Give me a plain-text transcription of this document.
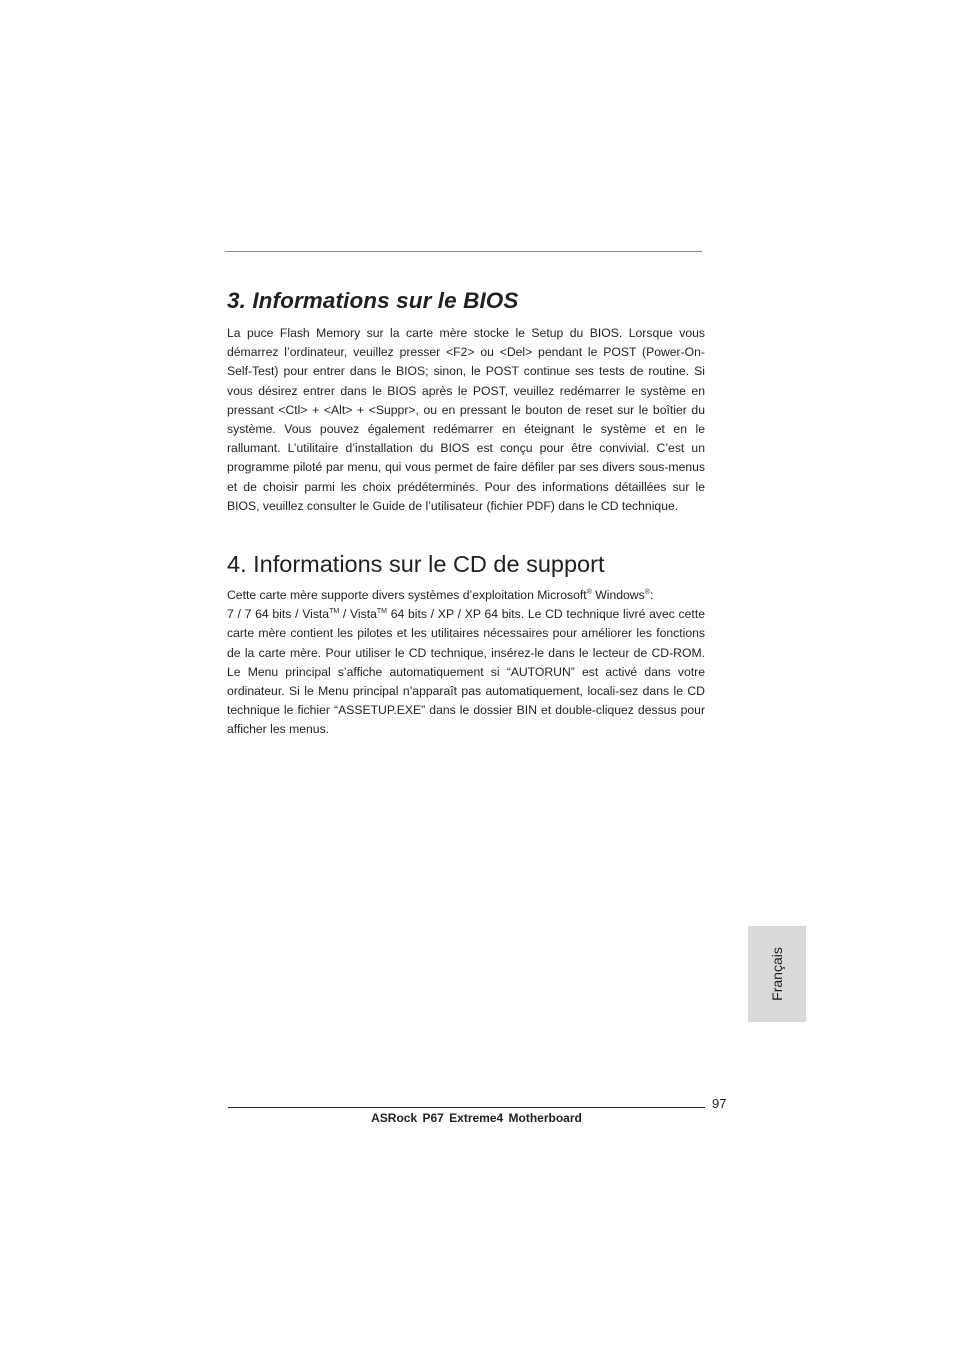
3. Informations sur le BIOS

La puce Flash Memory sur la carte mère stocke le Setup du BIOS. Lorsque vous démarrez l’ordinateur, veuillez presser <F2> ou <Del> pendant le POST (Power-On-Self-Test) pour entrer dans le BIOS; sinon, le POST continue ses tests de routine. Si vous désirez entrer dans le BIOS après le POST, veuillez redémarrer le système en pressant <Ctl> + <Alt> + <Suppr>, ou en pressant le bouton de reset sur le boîtier du système. Vous pouvez également redémarrer en éteignant le système et en le rallumant. L’utilitaire d’installation du BIOS est conçu pour être convivial. C’est un programme piloté par menu, qui vous permet de faire défiler par ses divers sous-menus et de choisir parmi les choix prédéterminés. Pour des informations détaillées sur le BIOS, veuillez consulter le Guide de l’utilisateur (fichier PDF) dans le CD technique.

4. Informations sur le CD de support

Cette carte mère supporte divers systèmes d’exploitation Microsoft® Windows®:
7 / 7 64 bits / Vista™ / Vista™ 64 bits / XP / XP 64 bits. Le CD technique livré avec cette carte mère contient les pilotes et les utilitaires nécessaires pour améliorer les fonctions de la carte mère. Pour utiliser le CD technique, insérez-le dans le lecteur de CD-ROM. Le Menu principal s’affiche automatiquement si “AUTORUN” est activé dans votre ordinateur. Si le Menu principal n’apparaît pas automatiquement, locali-sez dans le CD technique le fichier “ASSETUP.EXE” dans le dossier BIN et double-cliquez dessus pour afficher les menus.

Français
97
ASRock P67 Extreme4 Motherboard
